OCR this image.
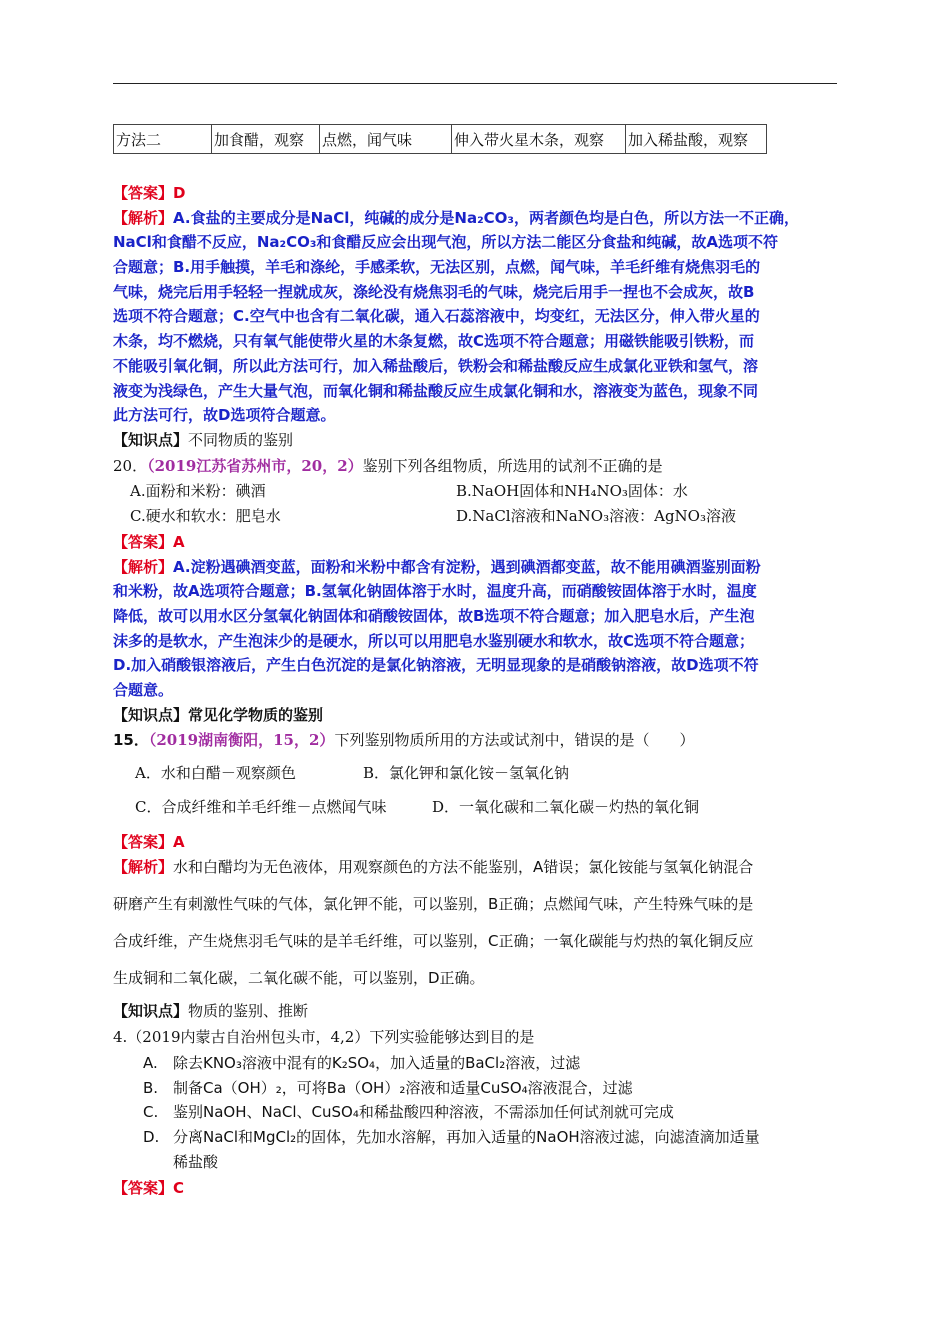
方法二	加食醋，观察	点燃，闻气味	伸入带火星木条，观察	加入稀盐酸，观察
【答案】D
【解析】A.食盐的主要成分是NaCl，纯碱的成分是Na₂CO₃，两者颜色均是白色，所以方法一不正确，
NaCl和食醋不反应，Na₂CO₃和食醋反应会出现气泡，所以方法二能区分食盐和纯碱，故A选项不符
合题意；B.用手触摸，羊毛和涤纶，手感柔软，无法区别，点燃，闻气味，羊毛纤维有烧焦羽毛的
气味，烧完后用手轻轻一捏就成灰，涤纶没有烧焦羽毛的气味，烧完后用手一捏也不会成灰，故B
选项不符合题意；C.空气中也含有二氧化碳，通入石蕊溶液中，均变红，无法区分，伸入带火星的
木条，均不燃烧，只有氧气能使带火星的木条复燃，故C选项不符合题意；用磁铁能吸引铁粉，而
不能吸引氧化铜，所以此方法可行，加入稀盐酸后，铁粉会和稀盐酸反应生成氯化亚铁和氢气，溶
液变为浅绿色，产生大量气泡，而氧化铜和稀盐酸反应生成氯化铜和水，溶液变为蓝色，现象不同
此方法可行，故D选项符合题意。
【知识点】不同物质的鉴别
20．（2019江苏省苏州市，20，2）鉴别下列各组物质，所选用的试剂不正确的是
A.面粉和米粉：碘酒	B.NaOH固体和NH₄NO₃固体：水
C.硬水和软水：肥皂水	D.NaCl溶液和NaNO₃溶液：AgNO₃溶液
【答案】A
【解析】A.淀粉遇碘酒变蓝，面粉和米粉中都含有淀粉，遇到碘酒都变蓝，故不能用碘酒鉴别面粉
和米粉，故A选项符合题意；B.氢氧化钠固体溶于水时，温度升高，而硝酸铵固体溶于水时，温度
降低，故可以用水区分氢氧化钠固体和硝酸铵固体，故B选项不符合题意；加入肥皂水后，产生泡
沫多的是软水，产生泡沫少的是硬水，所以可以用肥皂水鉴别硬水和软水，故C选项不符合题意；
D.加入硝酸银溶液后，产生白色沉淀的是氯化钠溶液，无明显现象的是硝酸钠溶液，故D选项不符
合题意。
【知识点】常见化学物质的鉴别
15．（2019湖南衡阳，15，2）下列鉴别物质所用的方法或试剂中，错误的是（　　）
A．水和白醋－观察颜色	B．氯化钾和氯化铵－氢氧化钠
C．合成纤维和羊毛纤维－点燃闻气味	D．一氧化碳和二氧化碳－灼热的氧化铜
【答案】A
【解析】水和白醋均为无色液体，用观察颜色的方法不能鉴别，A错误；氯化铵能与氢氧化钠混合
研磨产生有刺激性气味的气体，氯化钾不能，可以鉴别，B正确；点燃闻气味，产生特殊气味的是
合成纤维，产生烧焦羽毛气味的是羊毛纤维，可以鉴别，C正确；一氧化碳能与灼热的氧化铜反应
生成铜和二氧化碳，二氧化碳不能，可以鉴别，D正确。
【知识点】物质的鉴别、推断
4.（2019内蒙古自治州包头市，4,2）下列实验能够达到目的是
A. 除去KNO₃溶液中混有的K₂SO₄，加入适量的BaCl₂溶液，过滤
B. 制备Ca（OH）₂，可将Ba（OH）₂溶液和适量CuSO₄溶液混合，过滤
C. 鉴别NaOH、NaCl、CuSO₄和稀盐酸四种溶液，不需添加任何试剂就可完成
D. 分离NaCl和MgCl₂的固体，先加水溶解，再加入适量的NaOH溶液过滤，向滤渣滴加适量
稀盐酸
【答案】C
